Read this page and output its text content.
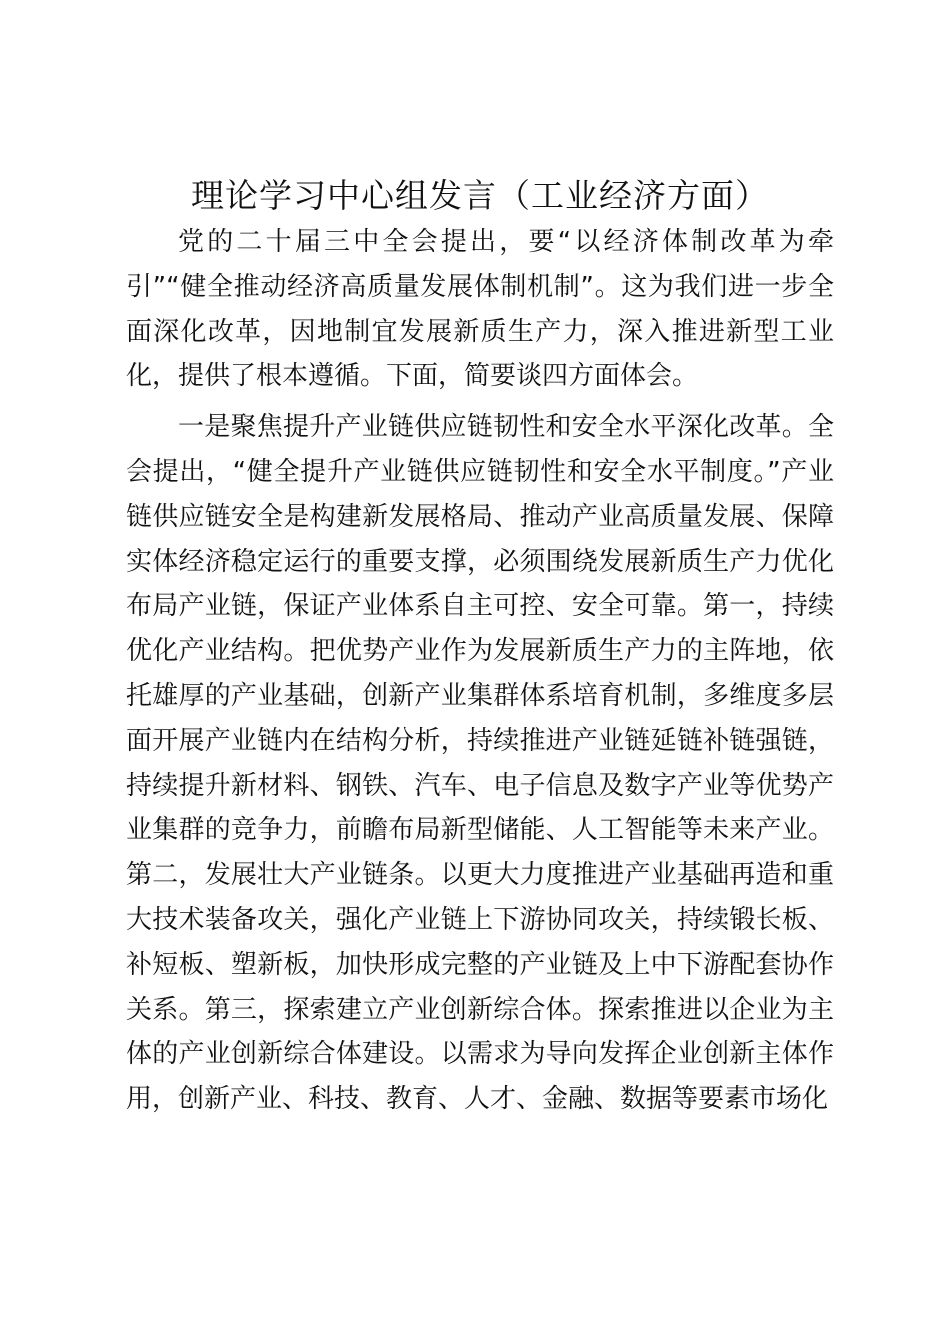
理论学习中心组发言（工业经济方面）

党的二十届三中全会提出，要“以经济体制改革为牵引”“健全推动经济高质量发展体制机制”。这为我们进一步全面深化改革，因地制宜发展新质生产力，深入推进新型工业化，提供了根本遵循。下面，简要谈四方面体会。

一是聚焦提升产业链供应链韧性和安全水平深化改革。全会提出，“健全提升产业链供应链韧性和安全水平制度。”产业链供应链安全是构建新发展格局、推动产业高质量发展、保障实体经济稳定运行的重要支撑，必须围绕发展新质生产力优化布局产业链，保证产业体系自主可控、安全可靠。第一，持续优化产业结构。把优势产业作为发展新质生产力的主阵地，依托雄厚的产业基础，创新产业集群体系培育机制，多维度多层面开展产业链内在结构分析，持续推进产业链延链补链强链，持续提升新材料、钢铁、汽车、电子信息及数字产业等优势产业集群的竞争力，前瞻布局新型储能、人工智能等未来产业。第二，发展壮大产业链条。以更大力度推进产业基础再造和重大技术装备攻关，强化产业链上下游协同攻关，持续锻长板、补短板、塑新板，加快形成完整的产业链及上中下游配套协作关系。第三，探索建立产业创新综合体。探索推进以企业为主体的产业创新综合体建设。以需求为导向发挥企业创新主体作用，创新产业、科技、教育、人才、金融、数据等要素市场化
